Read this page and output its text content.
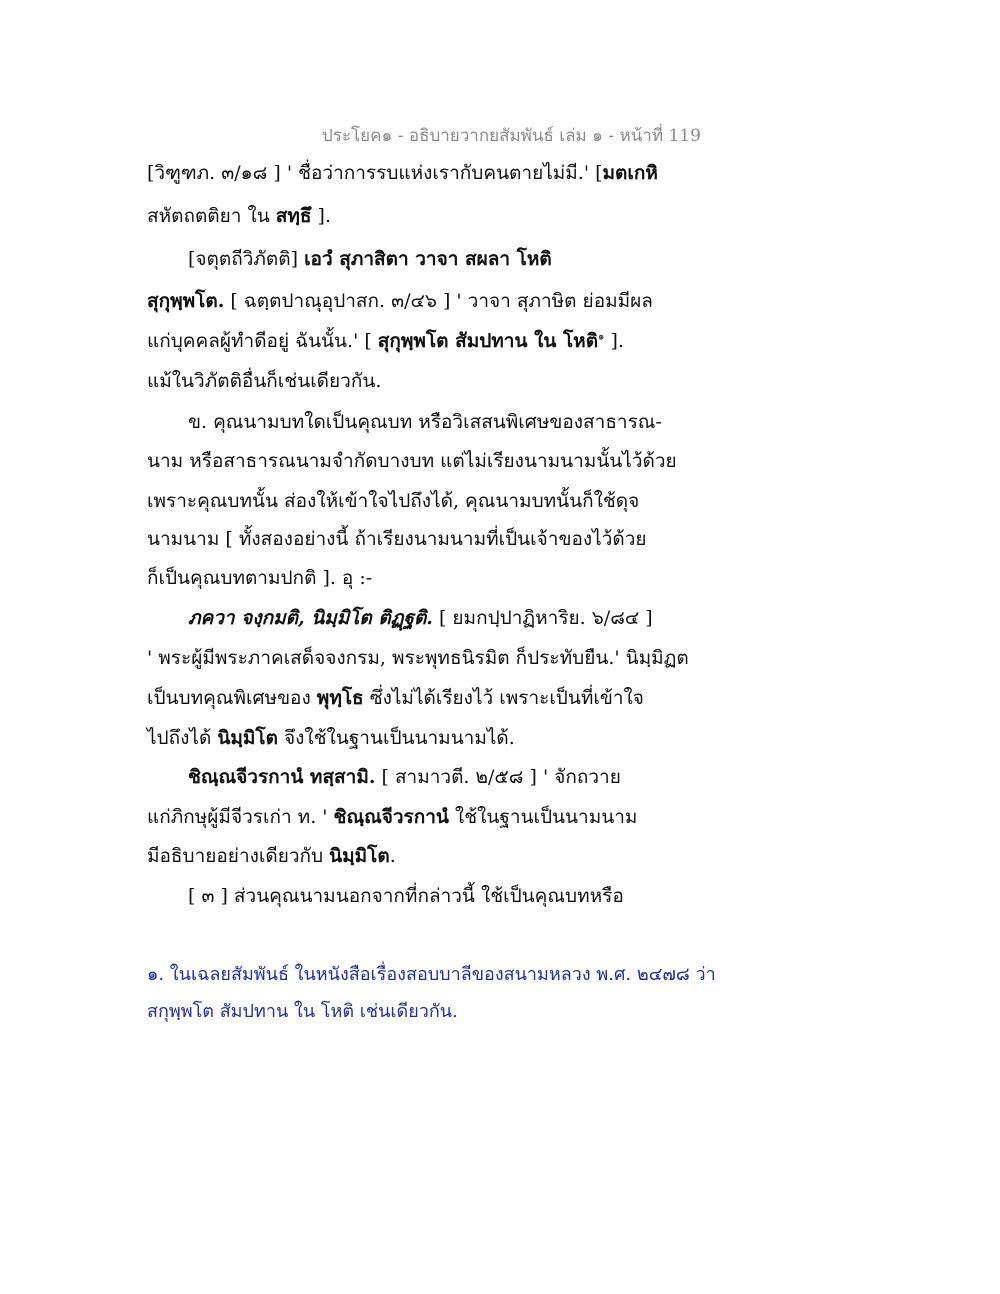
ประโยค๑ - อธิบายวากยสัมพันธ์ เล่ม ๑ - หน้าที่ 119
[วิฑูฑภ. ๓/๑๘ ] ' ชื่อว่าการรบแห่งเรากับคนตายไม่มี.' [มตเกหิ
สหัตถตติยา ใน สทฺธึ ].
[จตุตถีวิภัตติ] เอวํ สุภาสิตา วาจา สผลา โหติ
สุกุพฺพโต. [ ฉตฺตปาณุอุปาสก. ๓/๔๖ ] ' วาจา สุภาษิต ย่อมมีผล
แก่บุคคลผู้ทำดีอยู่ ฉันนั้น.' [ สุกุพฺพโต สัมปทาน ใน โหติ$^๑$ ].
แม้ในวิภัตติอื่นก็เช่นเดียวกัน.
ข. คุณนามบทใดเป็นคุณบท หรือวิเสสนพิเศษของสาธารณ-
นาม หรือสาธารณนามจำกัดบางบท แต่ไม่เรียงนามนามนั้นไว้ด้วย
เพราะคุณบทนั้น ส่องให้เข้าใจไปถึงได้, คุณนามบทนั้นก็ใช้ดุจ
นามนาม [ ทั้งสองอย่างนี้ ถ้าเรียงนามนามที่เป็นเจ้าของไว้ด้วย
ก็เป็นคุณบทตามปกติ ]. อุ :-
ภควา จงฺกมติ, นิมฺมิโต ติฏฺฐติ. [ ยมกปฺปาฏิหาริย. ๖/๘๔ ]
' พระผู้มีพระภาคเสด็จจงกรม, พระพุทธนิรมิต ก็ประทับยืน.' นิมฺมิฏต
เป็นบทคุณพิเศษของ พุทฺโธ ซึ่งไม่ได้เรียงไว้ เพราะเป็นที่เข้าใจ
ไปถึงได้ นิมฺมิโต จึงใช้ในฐานเป็นนามนามได้.
ชิณฺณจีวรกานํ ทสฺสามิ. [ สามาวตี. ๒/๕๘ ] ' จักถวาย
แก่ภิกษุผู้มีจีวรเก่า ท. ' ชิณฺณจีวรกานํ ใช้ในฐานเป็นนามนาม
มีอธิบายอย่างเดียวกับ นิมฺมิโต.
[ ๓ ] ส่วนคุณนามนอกจากที่กล่าวนี้ ใช้เป็นคุณบทหรือ
๑. ในเฉลยสัมพันธ์ ในหนังสือเรื่องสอบบาลีของสนามหลวง พ.ศ. ๒๔๗๘ ว่า
สกุพฺพโต สัมปทาน ใน โหติ เช่นเดียวกัน.
